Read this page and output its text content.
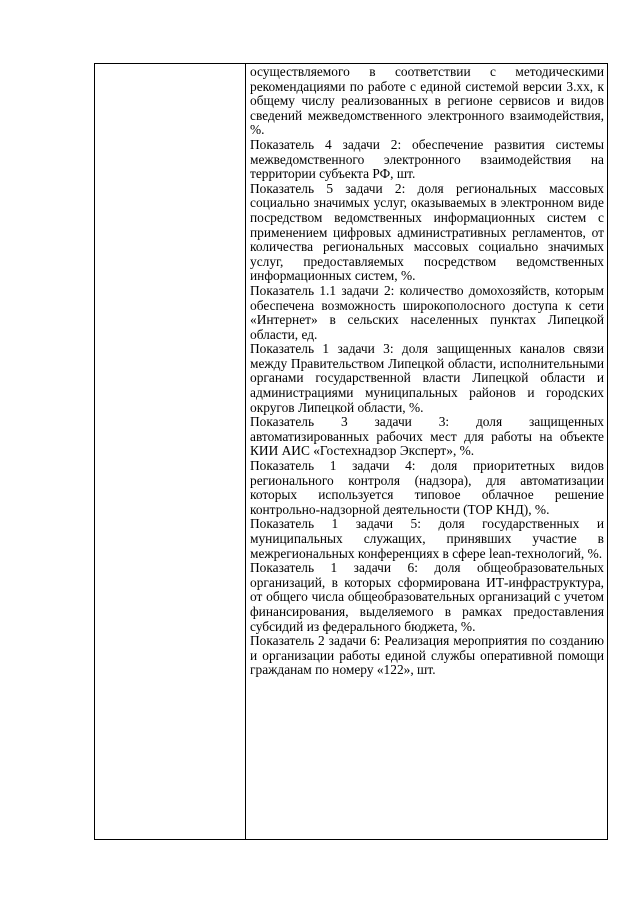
осуществляемого в соответствии с методическими рекомендациями по работе с единой системой версии 3.хх, к общему числу реализованных в регионе сервисов и видов сведений межведомственного электронного взаимодействия, %.

Показатель 4 задачи 2: обеспечение развития системы межведомственного электронного взаимодействия на территории субъекта РФ, шт.

Показатель 5 задачи 2: доля региональных массовых социально значимых услуг, оказываемых в электронном виде посредством ведомственных информационных систем с применением цифровых административных регламентов, от количества региональных массовых социально значимых услуг, предоставляемых посредством ведомственных информационных систем, %.

Показатель 1.1 задачи 2: количество домохозяйств, которым обеспечена возможность широкополосного доступа к сети «Интернет» в сельских населенных пунктах Липецкой области, ед.

Показатель 1 задачи 3: доля защищенных каналов связи между Правительством Липецкой области, исполнительными органами государственной власти Липецкой области и администрациями муниципальных районов и городских округов Липецкой области, %.

Показатель 3 задачи 3: доля защищенных автоматизированных рабочих мест для работы на объекте КИИ АИС «Гостехнадзор Эксперт», %.

Показатель 1 задачи 4: доля приоритетных видов регионального контроля (надзора), для автоматизации которых используется типовое облачное решение контрольно-надзорной деятельности (ТОР КНД), %.

Показатель 1 задачи 5: доля государственных и муниципальных служащих, принявших участие в межрегиональных конференциях в сфере lean-технологий, %.

Показатель 1 задачи 6: доля общеобразовательных организаций, в которых сформирована ИТ-инфраструктура, от общего числа общеобразовательных организаций с учетом финансирования, выделяемого в рамках предоставления субсидий из федерального бюджета, %.

Показатель 2 задачи 6: Реализация мероприятия по созданию и организации работы единой службы оперативной помощи гражданам по номеру «122», шт.
